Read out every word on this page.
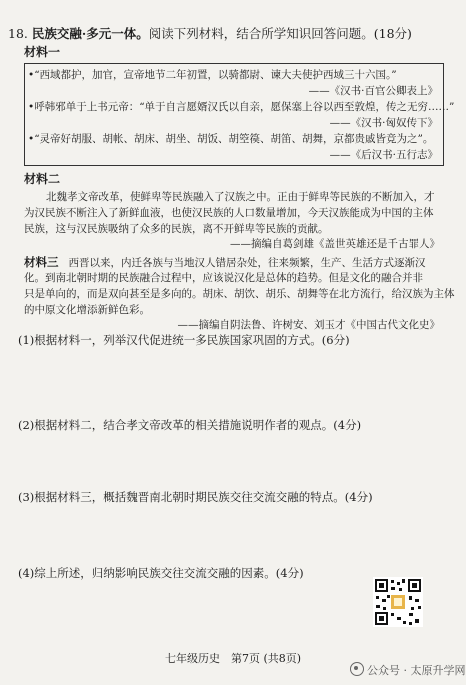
18. 民族交融·多元一体。阅读下列材料，结合所学知识回答问题。(18分)
材料一
•“西域都护，加官，宣帝地节二年初置，以骑都尉、谏大夫使护西域三十六国。”
——《汉书·百官公卿表上》
•呼韩邪单于上书元帝：“单于自言愿婿汉氏以自亲，愿保塞上谷以西至敦煌，传之无穷……”
——《汉书·匈奴传下》
•“灵帝好胡服、胡帐、胡床、胡坐、胡饭、胡箜篌、胡笛、胡舞，京都贵戚皆竞为之”。
——《后汉书·五行志》
材料二
北魏孝文帝改革，使鲜卑等民族融入了汉族之中。正由于鲜卑等民族的不断加入，才
为汉民族不断注入了新鲜血液，也使汉民族的人口数量增加，今天汉族能成为中国的主体
民族，这与汉民族吸纳了众多的民族，离不开鲜卑等民族的贡献。
——摘编自葛剑雄《盖世英雄还是千古罪人》
材料三 西晋以来，内迁各族与当地汉人错居杂处，往来频繁，生产、生活方式逐渐汉
化。到南北朝时期的民族融合过程中，应该说汉化是总体的趋势。但是文化的融合并非
只是单向的，而是双向甚至是多向的。胡床、胡饮、胡乐、胡舞等在北方流行，给汉族为主体
的中原文化增添新鲜色彩。
——摘编自阴法鲁、许树安、刘玉才《中国古代文化史》
(1)根据材料一，列举汉代促进统一多民族国家巩固的方式。(6分)
(2)根据材料二，结合孝文帝改革的相关措施说明作者的观点。(4分)
(3)根据材料三，概括魏晋南北朝时期民族交往交流交融的特点。(4分)
(4)综上所述，归纳影响民族交往交流交融的因素。(4分)
七年级历史　第7页 (共8页)
公众号 · 太原升学网
